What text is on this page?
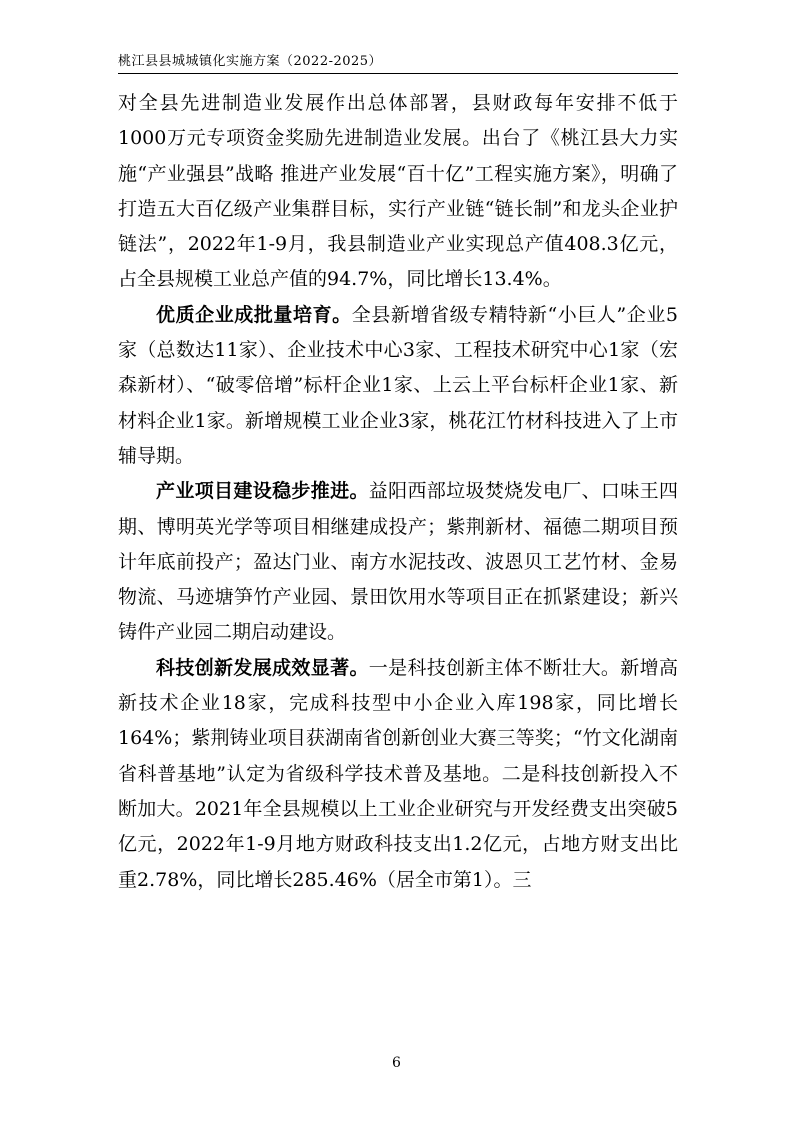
桃江县县城城镇化实施方案（2022-2025）

对全县先进制造业发展作出总体部署，县财政每年安排不低于1000万元专项资金奖励先进制造业发展。出台了《桃江县大力实施“产业强县”战略 推进产业发展“百十亿”工程实施方案》，明确了打造五大百亿级产业集群目标，实行产业链“链长制”和龙头企业护链法”，2022年1-9月，我县制造业产业实现总产值408.3亿元，占全县规模工业总产值的94.7%，同比增长13.4%。

优质企业成批量培育。全县新增省级专精特新“小巨人”企业5家（总数达11家）、企业技术中心3家、工程技术研究中心1家（宏森新材）、“破零倍增”标杆企业1家、上云上平台标杆企业1家、新材料企业1家。新增规模工业企业3家，桃花江竹材科技进入了上市辅导期。

产业项目建设稳步推进。益阳西部垃圾焚烧发电厂、口味王四期、博明英光学等项目相继建成投产；紫荆新材、福德二期项目预计年底前投产；盈达门业、南方水泥技改、波恩贝工艺竹材、金易物流、马迹塘笋竹产业园、景田饮用水等项目正在抓紧建设；新兴铸件产业园二期启动建设。

科技创新发展成效显著。一是科技创新主体不断壮大。新增高新技术企业18家，完成科技型中小企业入库198家，同比增长164%；紫荆铸业项目获湖南省创新创业大赛三等奖；“竹文化湖南省科普基地”认定为省级科学技术普及基地。二是科技创新投入不断加大。2021年全县规模以上工业企业研究与开发经费支出突破5亿元，2022年1-9月地方财政科技支出1.2亿元，占地方财支出比重2.78%，同比增长285.46%（居全市第1）。三

6
